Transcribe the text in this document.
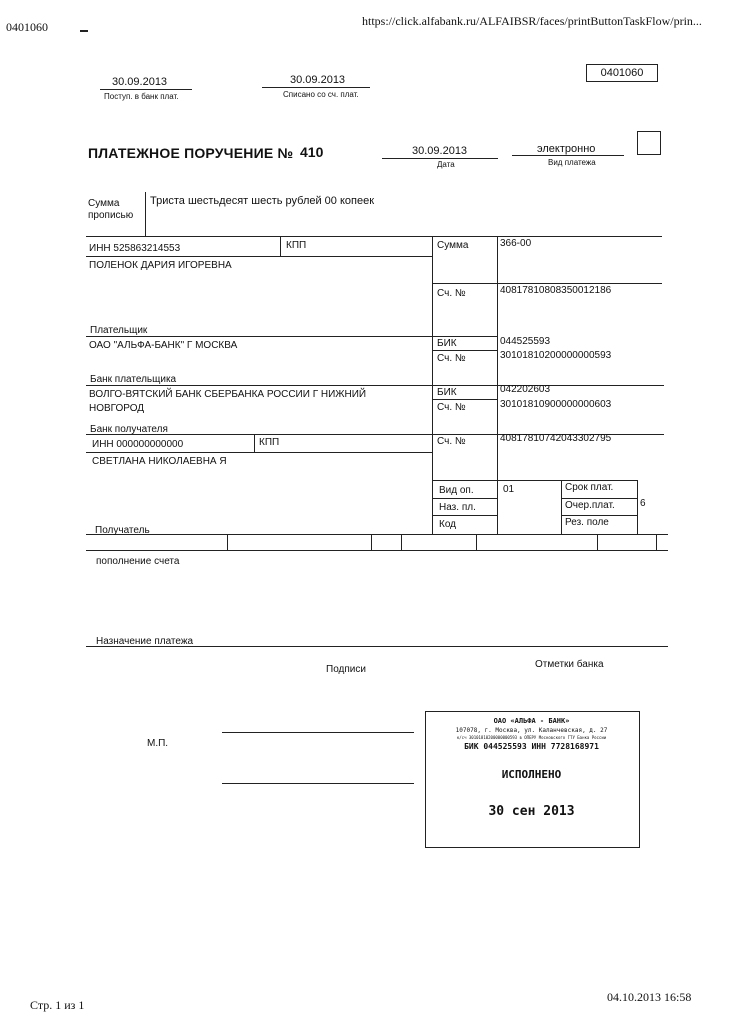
0401060	https://click.alfabank.ru/ALFAIBSR/faces/printButtonTaskFlow/prin...
Стр. 1 из 1
04.10.2013 16:58
0401060
30.09.2013
Поступ. в банк плат.
30.09.2013
Списано со сч. плат.
ПЛАТЕЖНОЕ ПОРУЧЕНИЕ № 410	30.09.2013
Дата
электронно
Вид платежа
Сумма
прописью
Триста шестьдесят шесть рублей 00 копеек
ИНН 525863214553	КПП
ПОЛЕНОК ДАРИЯ ИГОРЕВНА
Плательщик
Сумма	366-00
Сч. №	40817810808350012186
ОАО "АЛЬФА-БАНК" Г МОСКВА
Банк плательщика
БИК	044525593
Сч. №	30101810200000000593
ВОЛГО-ВЯТСКИЙ БАНК СБЕРБАНКА РОССИИ Г НИЖНИЙ
НОВГОРОД
Банк получателя
БИК	042202603
Сч. №	30101810900000000603
ИНН 000000000000	КПП
СВЕТЛАНА НИКОЛАЕВНА Я
Получатель
Сч. №	40817810742043302795
Вид оп.	01
Наз. пл.
Код
Срок плат.
Очер.плат.	6
Рез. поле
пополнение счета
Назначение платежа
Подписи	Отметки банка
М.П.
ОАО «АЛЬФА - БАНК»
107078, г. Москва, ул. Каланчевская, д. 27
к/сч 30101810200000000593 в ОПЕРУ Московского ГТУ Банка России
БИК 044525593 ИНН 7728168971
ИСПОЛНЕНО
30 сен 2013
